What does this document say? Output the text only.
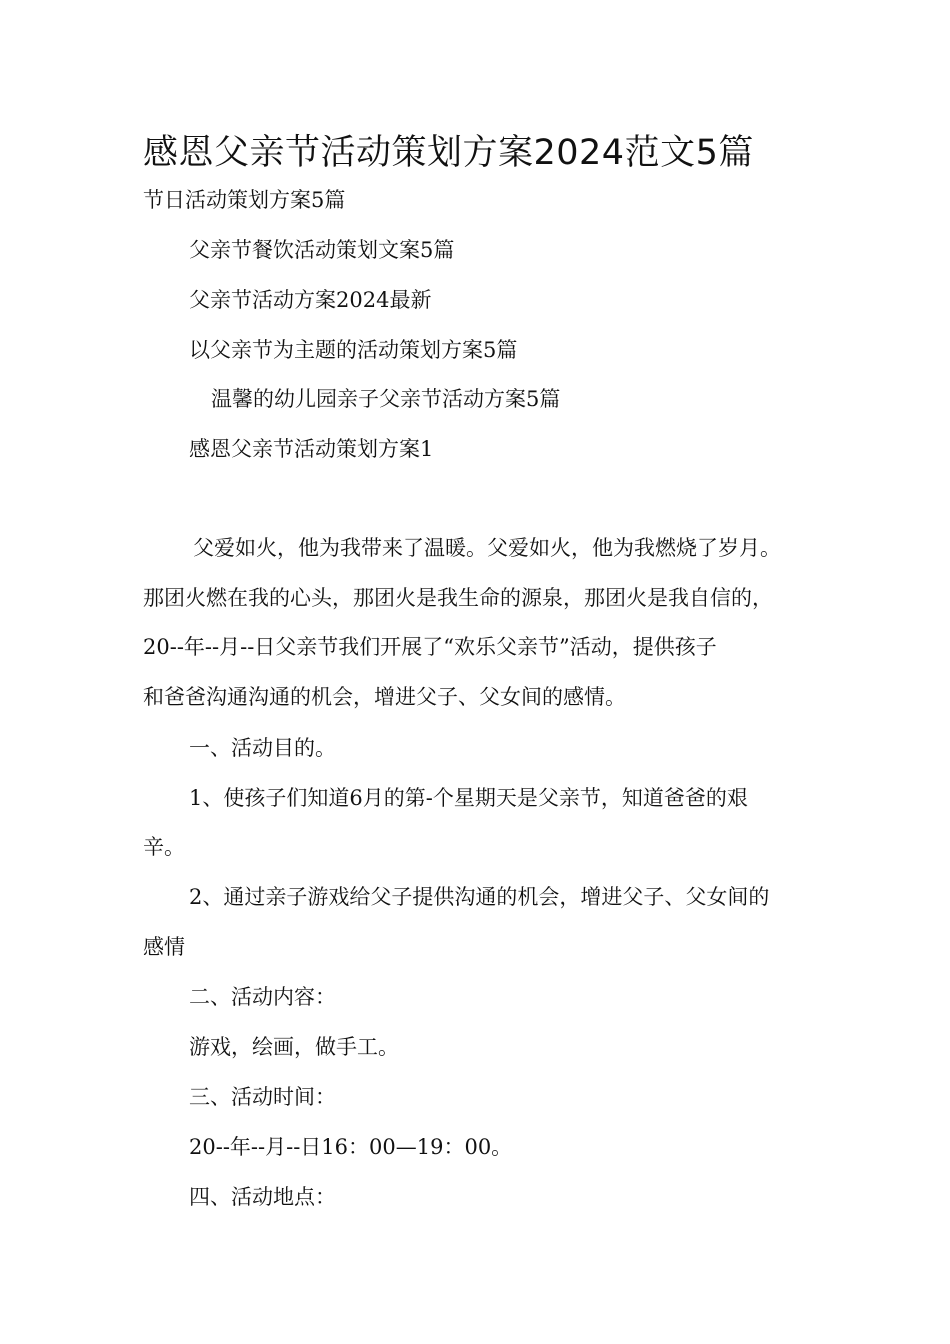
感恩父亲节活动策划方案2024范文5篇
节日活动策划方案5篇
父亲节餐饮活动策划文案5篇
父亲节活动方案2024最新
以父亲节为主题的活动策划方案5篇
温馨的幼儿园亲子父亲节活动方案5篇
感恩父亲节活动策划方案1
父爱如火，他为我带来了温暖。父爱如火，他为我燃烧了岁月。
那团火燃在我的心头，那团火是我生命的源泉，那团火是我自信的，
20--年--月--日父亲节我们开展了“欢乐父亲节”活动，提供孩子
和爸爸沟通沟通的机会，增进父子、父女间的感情。
一、活动目的。
1、使孩子们知道6月的第-个星期天是父亲节，知道爸爸的艰
辛。
2、通过亲子游戏给父子提供沟通的机会，增进父子、父女间的
感情
二、活动内容：
游戏，绘画，做手工。
三、活动时间：
20--年--月--日16：00—19：00。
四、活动地点：
